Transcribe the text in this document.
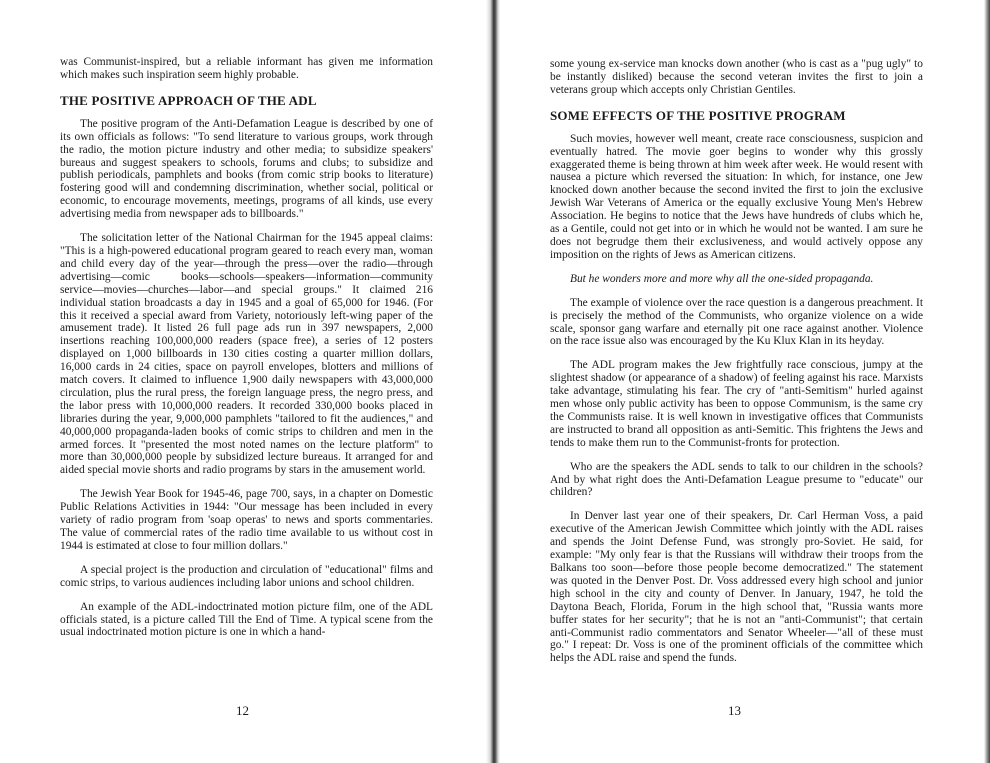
was Communist-inspired, but a reliable informant has given me information which makes such inspiration seem highly probable.

THE POSITIVE APPROACH OF THE ADL

The positive program of the Anti-Defamation League is described by one of its own officials as follows: "To send literature to various groups, work through the radio, the motion picture industry and other media; to subsidize speakers' bureaus and suggest speakers to schools, forums and clubs; to subsidize and publish periodicals, pamphlets and books (from comic strip books to literature) fostering good will and condemning discrimination, whether social, political or economic, to encourage movements, meetings, programs of all kinds, use every advertising media from newspaper ads to billboards."

The solicitation letter of the National Chairman for the 1945 appeal claims: "This is a high-powered educational program geared to reach every man, woman and child every day of the year—through the press—over the radio—through advertising—comic books—schools—speakers—information—community service—movies—churches—labor—and special groups." It claimed 216 individual station broadcasts a day in 1945 and a goal of 65,000 for 1946. (For this it received a special award from Variety, notoriously left-wing paper of the amusement trade). It listed 26 full page ads run in 397 newspapers, 2,000 insertions reaching 100,000,000 readers (space free), a series of 12 posters displayed on 1,000 billboards in 130 cities costing a quarter million dollars, 16,000 cards in 24 cities, space on payroll envelopes, blotters and millions of match covers. It claimed to influence 1,900 daily newspapers with 43,000,000 circulation, plus the rural press, the foreign language press, the negro press, and the labor press with 10,000,000 readers. It recorded 330,000 books placed in libraries during the year, 9,000,000 pamphlets "tailored to fit the audiences," and 40,000,000 propaganda-laden books of comic strips to children and men in the armed forces. It "presented the most noted names on the lecture platform" to more than 30,000,000 people by subsidized lecture bureaus. It arranged for and aided special movie shorts and radio programs by stars in the amusement world.

The Jewish Year Book for 1945-46, page 700, says, in a chapter on Domestic Public Relations Activities in 1944: "Our message has been included in every variety of radio program from 'soap operas' to news and sports commentaries. The value of commercial rates of the radio time available to us without cost in 1944 is estimated at close to four million dollars."

A special project is the production and circulation of "educational" films and comic strips, to various audiences including labor unions and school children.

An example of the ADL-indoctrinated motion picture film, one of the ADL officials stated, is a picture called Till the End of Time. A typical scene from the usual indoctrinated motion picture is one in which a hand-

12

some young ex-service man knocks down another (who is cast as a "pug ugly" to be instantly disliked) because the second veteran invites the first to join a veterans group which accepts only Christian Gentiles.

SOME EFFECTS OF THE POSITIVE PROGRAM

Such movies, however well meant, create race consciousness, suspicion and eventually hatred. The movie goer begins to wonder why this grossly exaggerated theme is being thrown at him week after week. He would resent with nausea a picture which reversed the situation: In which, for instance, one Jew knocked down another because the second invited the first to join the exclusive Jewish War Veterans of America or the equally exclusive Young Men's Hebrew Association. He begins to notice that the Jews have hundreds of clubs which he, as a Gentile, could not get into or in which he would not be wanted. I am sure he does not begrudge them their exclusiveness, and would actively oppose any imposition on the rights of Jews as American citizens.

But he wonders more and more why all the one-sided propaganda.

The example of violence over the race question is a dangerous preachment. It is precisely the method of the Communists, who organize violence on a wide scale, sponsor gang warfare and eternally pit one race against another. Violence on the race issue also was encouraged by the Ku Klux Klan in its heyday.

The ADL program makes the Jew frightfully race conscious, jumpy at the slightest shadow (or appearance of a shadow) of feeling against his race. Marxists take advantage, stimulating his fear. The cry of "anti-Semitism" hurled against men whose only public activity has been to oppose Communism, is the same cry the Communists raise. It is well known in investigative offices that Communists are instructed to brand all opposition as anti-Semitic. This frightens the Jews and tends to make them run to the Communist-fronts for protection.

Who are the speakers the ADL sends to talk to our children in the schools? And by what right does the Anti-Defamation League presume to "educate" our children?

In Denver last year one of their speakers, Dr. Carl Herman Voss, a paid executive of the American Jewish Committee which jointly with the ADL raises and spends the Joint Defense Fund, was strongly pro-Soviet. He said, for example: "My only fear is that the Russians will withdraw their troops from the Balkans too soon—before those people become democratized." The statement was quoted in the Denver Post. Dr. Voss addressed every high school and junior high school in the city and county of Denver. In January, 1947, he told the Daytona Beach, Florida, Forum in the high school that, "Russia wants more buffer states for her security"; that he is not an "anti-Communist"; that certain anti-Communist radio commentators and Senator Wheeler—"all of these must go." I repeat: Dr. Voss is one of the prominent officials of the committee which helps the ADL raise and spend the funds.

13
